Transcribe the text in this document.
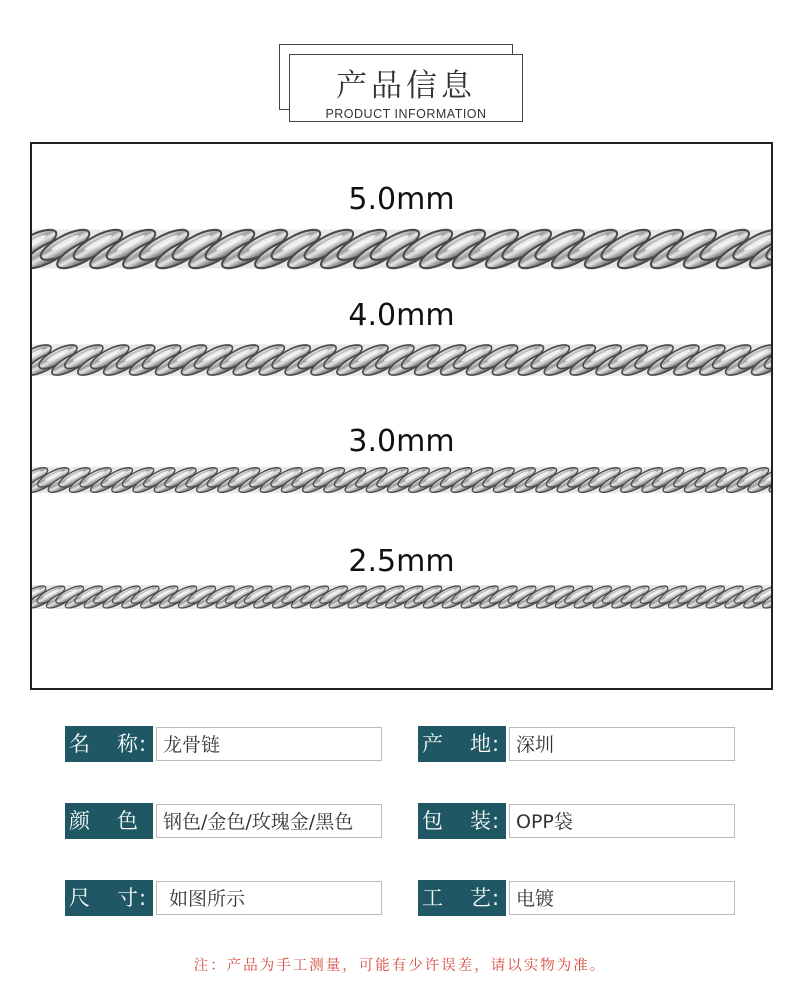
产品信息
PRODUCT INFORMATION
5.0mm
4.0mm
3.0mm
2.5mm
名 称 : 龙骨链	产 地 : 深圳
颜 色	钢色/金色/玫瑰金/黑色	包 装 : OPP袋
尺 寸 :	如图所示	工 艺 : 电镀
注：产品为手工测量，可能有少许误差，请以实物为准。
